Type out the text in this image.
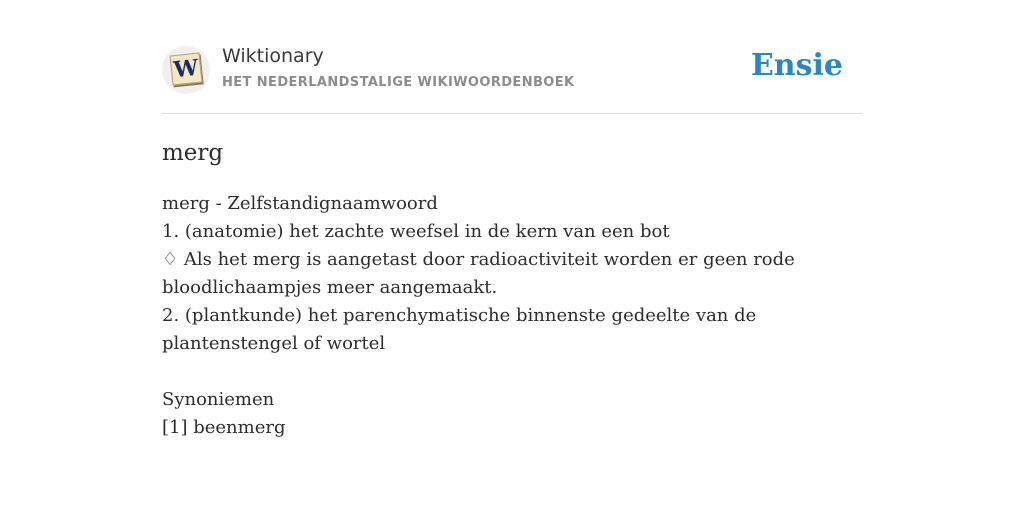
W Wiktionary
HET NEDERLANDSTALIGE WIKIWOORDENBOEK	Ensie
merg
merg - Zelfstandignaamwoord
1. (anatomie) het zachte weefsel in de kern van een bot
♢ Als het merg is aangetast door radioactiviteit worden er geen rode bloodlichaampjes meer aangemaakt.
2. (plantkunde) het parenchymatische binnenste gedeelte van de plantenstengel of wortel
Synoniemen
[1] beenmerg
